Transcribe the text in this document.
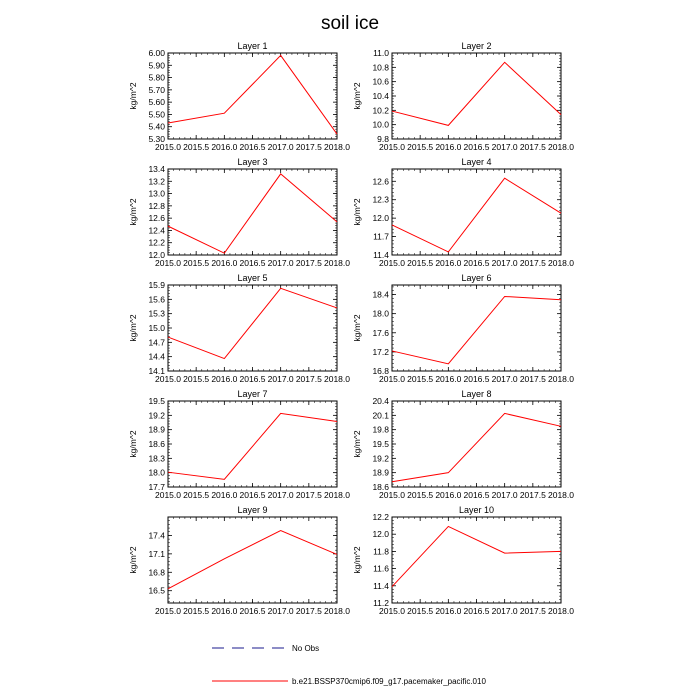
soil ice
Layer 1
2015.0 2015.5 2016.0 2016.5 2017.0 2017.5 2018.0
5.30
5.40
5.50
5.60
5.70
5.80
5.90
6.00
kg/m^2
Layer 2
2015.0 2015.5 2016.0 2016.5 2017.0 2017.5 2018.0
9.8
10.0
10.2
10.4
10.6
10.8
11.0
kg/m^2
Layer 3
2015.0 2015.5 2016.0 2016.5 2017.0 2017.5 2018.0
12.0
12.2
12.4
12.6
12.8
13.0
13.2
13.4
kg/m^2
Layer 4
2015.0 2015.5 2016.0 2016.5 2017.0 2017.5 2018.0
11.4
11.7
12.0
12.3
12.6
kg/m^2
Layer 5
2015.0 2015.5 2016.0 2016.5 2017.0 2017.5 2018.0
14.1
14.4
14.7
15.0
15.3
15.6
15.9
kg/m^2
Layer 6
2015.0 2015.5 2016.0 2016.5 2017.0 2017.5 2018.0
16.8
17.2
17.6
18.0
18.4
kg/m^2
Layer 7
2015.0 2015.5 2016.0 2016.5 2017.0 2017.5 2018.0
17.7
18.0
18.3
18.6
18.9
19.2
19.5
kg/m^2
Layer 8
2015.0 2015.5 2016.0 2016.5 2017.0 2017.5 2018.0
18.6
18.9
19.2
19.5
19.8
20.1
20.4
kg/m^2
Layer 9
2015.0 2015.5 2016.0 2016.5 2017.0 2017.5 2018.0
16.5
16.8
17.1
17.4
kg/m^2
Layer 10
2015.0 2015.5 2016.0 2016.5 2017.0 2017.5 2018.0
11.2
11.4
11.6
11.8
12.0
12.2
kg/m^2
No Obs
b.e21.BSSP370cmip6.f09_g17.pacemaker_pacific.010
